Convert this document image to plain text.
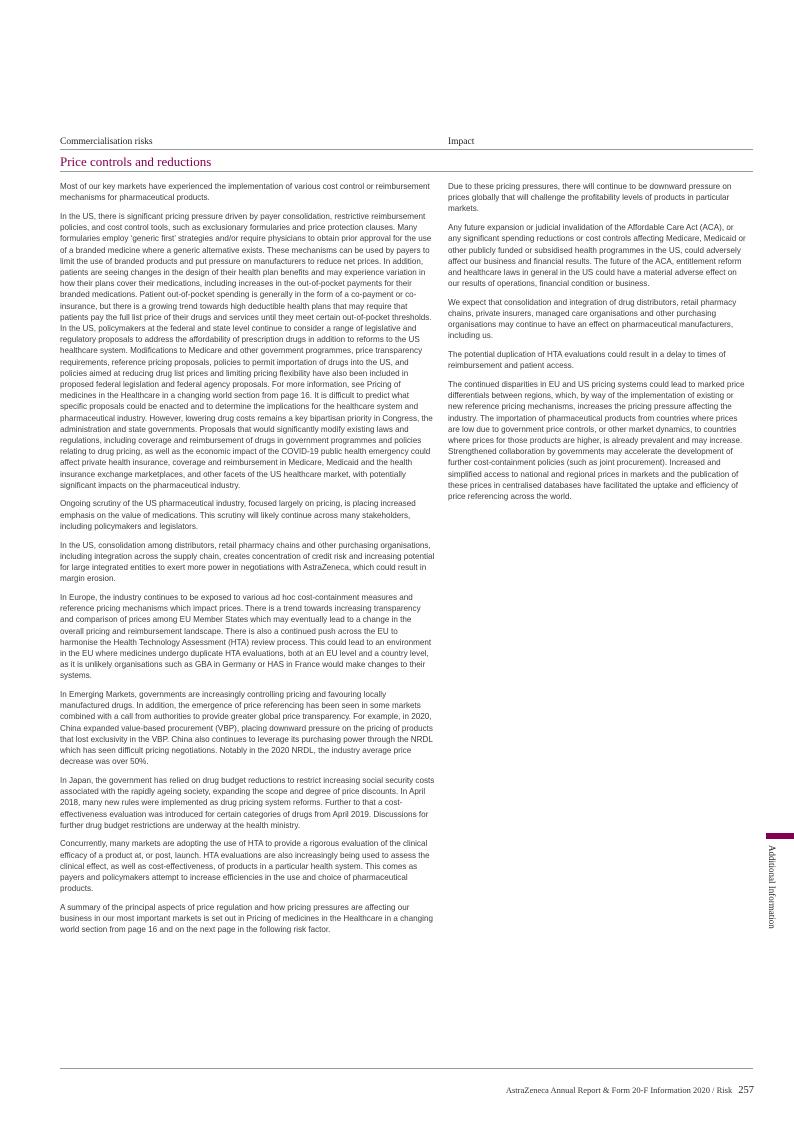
Commercialisation risks	Impact
Price controls and reductions

Most of our key markets have experienced the implementation of various cost control or reimbursement mechanisms for pharmaceutical products.

In the US, there is significant pricing pressure driven by payer consolidation, restrictive reimbursement policies, and cost control tools, such as exclusionary formularies and price protection clauses. Many formularies employ ‘generic first’ strategies and/or require physicians to obtain prior approval for the use of a branded medicine where a generic alternative exists. These mechanisms can be used by payers to limit the use of branded products and put pressure on manufacturers to reduce net prices. In addition, patients are seeing changes in the design of their health plan benefits and may experience variation in how their plans cover their medications, including increases in the out-of-pocket payments for their branded medications. Patient out-of-pocket spending is generally in the form of a co-payment or co-insurance, but there is a growing trend towards high deductible health plans that may require that patients pay the full list price of their drugs and services until they meet certain out-of-pocket thresholds. In the US, policymakers at the federal and state level continue to consider a range of legislative and regulatory proposals to address the affordability of prescription drugs in addition to reforms to the US healthcare system. Modifications to Medicare and other government programmes, price transparency requirements, reference pricing proposals, policies to permit importation of drugs into the US, and policies aimed at reducing drug list prices and limiting pricing flexibility have also been included in proposed federal legislation and federal agency proposals. For more information, see Pricing of medicines in the Healthcare in a changing world section from page 16. It is difficult to predict what specific proposals could be enacted and to determine the implications for the healthcare system and pharmaceutical industry. However, lowering drug costs remains a key bipartisan priority in Congress, the administration and state governments. Proposals that would significantly modify existing laws and regulations, including coverage and reimbursement of drugs in government programmes and policies relating to drug pricing, as well as the economic impact of the COVID-19 public health emergency could affect private health insurance, coverage and reimbursement in Medicare, Medicaid and the health insurance exchange marketplaces, and other facets of the US healthcare market, with potentially significant impacts on the pharmaceutical industry.

Ongoing scrutiny of the US pharmaceutical industry, focused largely on pricing, is placing increased emphasis on the value of medications. This scrutiny will likely continue across many stakeholders, including policymakers and legislators.

In the US, consolidation among distributors, retail pharmacy chains and other purchasing organisations, including integration across the supply chain, creates concentration of credit risk and increasing potential for large integrated entities to exert more power in negotiations with AstraZeneca, which could result in margin erosion.

In Europe, the industry continues to be exposed to various ad hoc cost-containment measures and reference pricing mechanisms which impact prices. There is a trend towards increasing transparency and comparison of prices among EU Member States which may eventually lead to a change in the overall pricing and reimbursement landscape. There is also a continued push across the EU to harmonise the Health Technology Assessment (HTA) review process. This could lead to an environment in the EU where medicines undergo duplicate HTA evaluations, both at an EU level and a country level, as it is unlikely organisations such as GBA in Germany or HAS in France would make changes to their systems.

In Emerging Markets, governments are increasingly controlling pricing and favouring locally manufactured drugs. In addition, the emergence of price referencing has been seen in some markets combined with a call from authorities to provide greater global price transparency. For example, in 2020, China expanded value-based procurement (VBP), placing downward pressure on the pricing of products that lost exclusivity in the VBP. China also continues to leverage its purchasing power through the NRDL which has seen difficult pricing negotiations. Notably in the 2020 NRDL, the industry average price decrease was over 50%.

In Japan, the government has relied on drug budget reductions to restrict increasing social security costs associated with the rapidly ageing society, expanding the scope and degree of price discounts. In April 2018, many new rules were implemented as drug pricing system reforms. Further to that a cost-effectiveness evaluation was introduced for certain categories of drugs from April 2019. Discussions for further drug budget restrictions are underway at the health ministry.

Concurrently, many markets are adopting the use of HTA to provide a rigorous evaluation of the clinical efficacy of a product at, or post, launch. HTA evaluations are also increasingly being used to assess the clinical effect, as well as cost-effectiveness, of products in a particular health system. This comes as payers and policymakers attempt to increase efficiencies in the use and choice of pharmaceutical products.

A summary of the principal aspects of price regulation and how pricing pressures are affecting our business in our most important markets is set out in Pricing of medicines in the Healthcare in a changing world section from page 16 and on the next page in the following risk factor.

Due to these pricing pressures, there will continue to be downward pressure on prices globally that will challenge the profitability levels of products in particular markets.

Any future expansion or judicial invalidation of the Affordable Care Act (ACA), or any significant spending reductions or cost controls affecting Medicare, Medicaid or other publicly funded or subsidised health programmes in the US, could adversely affect our business and financial results. The future of the ACA, entitlement reform and healthcare laws in general in the US could have a material adverse effect on our results of operations, financial condition or business.

We expect that consolidation and integration of drug distributors, retail pharmacy chains, private insurers, managed care organisations and other purchasing organisations may continue to have an effect on pharmaceutical manufacturers, including us.

The potential duplication of HTA evaluations could result in a delay to times of reimbursement and patient access.

The continued disparities in EU and US pricing systems could lead to marked price differentials between regions, which, by way of the implementation of existing or new reference pricing mechanisms, increases the pricing pressure affecting the industry. The importation of pharmaceutical products from countries where prices are low due to government price controls, or other market dynamics, to countries where prices for those products are higher, is already prevalent and may increase. Strengthened collaboration by governments may accelerate the development of further cost-containment policies (such as joint procurement). Increased and simplified access to national and regional prices in markets and the publication of these prices in centralised databases have facilitated the uptake and efficiency of price referencing across the world.

Additional Information
AstraZeneca Annual Report & Form 20-F Information 2020 / Risk 257
